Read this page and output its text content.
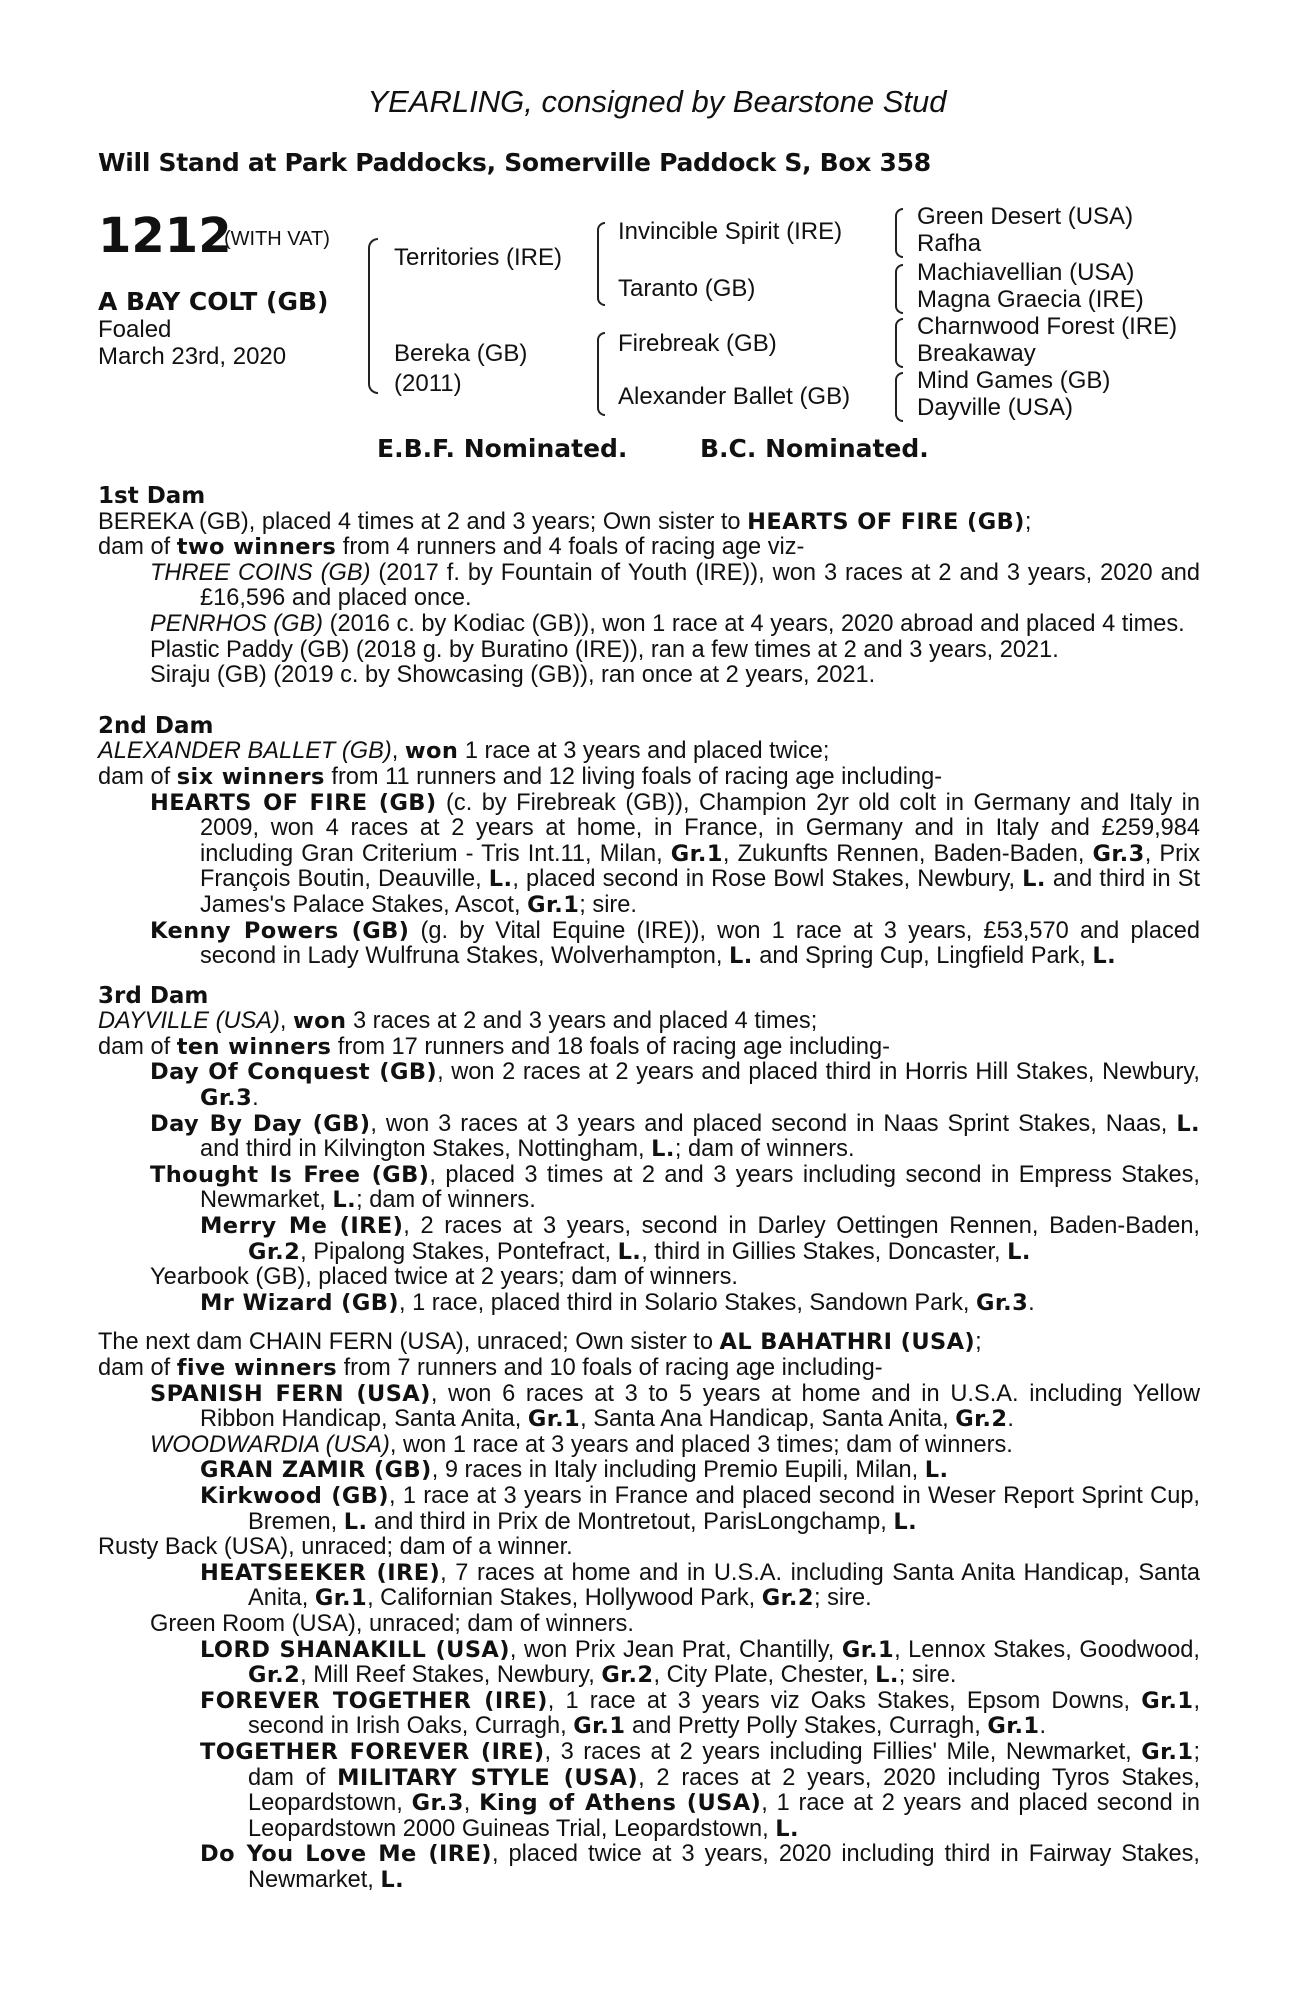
YEARLING, consigned by Bearstone Stud
Will Stand at Park Paddocks, Somerville Paddock S, Box 358
1212
(WITH VAT)
A BAY COLT (GB)
Foaled
March 23rd, 2020
Territories (IRE)
Bereka (GB)
(2011)
Invincible Spirit (IRE)
Taranto (GB)
Firebreak (GB)
Alexander Ballet (GB)
Green Desert (USA)
Rafha
Machiavellian (USA)
Magna Graecia (IRE)
Charnwood Forest (IRE)
Breakaway
Mind Games (GB)
Dayville (USA)
E.B.F. Nominated.	B.C. Nominated.

1st Dam

BEREKA (GB), placed 4 times at 2 and 3 years; Own sister to HEARTS OF FIRE (GB);

dam of two winners from 4 runners and 4 foals of racing age viz-

THREE COINS (GB) (2017 f. by Fountain of Youth (IRE)), won 3 races at 2 and 3 years, 2020 and £16,596 and placed once.

PENRHOS (GB) (2016 c. by Kodiac (GB)), won 1 race at 4 years, 2020 abroad and placed 4 times.

Plastic Paddy (GB) (2018 g. by Buratino (IRE)), ran a few times at 2 and 3 years, 2021.

Siraju (GB) (2019 c. by Showcasing (GB)), ran once at 2 years, 2021.

2nd Dam

ALEXANDER BALLET (GB), won 1 race at 3 years and placed twice;

dam of six winners from 11 runners and 12 living foals of racing age including-

HEARTS OF FIRE (GB) (c. by Firebreak (GB)), Champion 2yr old colt in Germany and Italy in 2009, won 4 races at 2 years at home, in France, in Germany and in Italy and £259,984 including Gran Criterium - Tris Int.11, Milan, Gr.1, Zukunfts Rennen, Baden-Baden, Gr.3, Prix François Boutin, Deauville, L., placed second in Rose Bowl Stakes, Newbury, L. and third in St James's Palace Stakes, Ascot, Gr.1; sire.

Kenny Powers (GB) (g. by Vital Equine (IRE)), won 1 race at 3 years, £53,570 and placed second in Lady Wulfruna Stakes, Wolverhampton, L. and Spring Cup, Lingfield Park, L.

3rd Dam

DAYVILLE (USA), won 3 races at 2 and 3 years and placed 4 times;

dam of ten winners from 17 runners and 18 foals of racing age including-

Day Of Conquest (GB), won 2 races at 2 years and placed third in Horris Hill Stakes, Newbury, Gr.3.

Day By Day (GB), won 3 races at 3 years and placed second in Naas Sprint Stakes, Naas, L. and third in Kilvington Stakes, Nottingham, L.; dam of winners.

Thought Is Free (GB), placed 3 times at 2 and 3 years including second in Empress Stakes, Newmarket, L.; dam of winners.

Merry Me (IRE), 2 races at 3 years, second in Darley Oettingen Rennen, Baden-Baden, Gr.2, Pipalong Stakes, Pontefract, L., third in Gillies Stakes, Doncaster, L.

Yearbook (GB), placed twice at 2 years; dam of winners.

Mr Wizard (GB), 1 race, placed third in Solario Stakes, Sandown Park, Gr.3.

The next dam CHAIN FERN (USA), unraced; Own sister to AL BAHATHRI (USA);

dam of five winners from 7 runners and 10 foals of racing age including-

SPANISH FERN (USA), won 6 races at 3 to 5 years at home and in U.S.A. including Yellow Ribbon Handicap, Santa Anita, Gr.1, Santa Ana Handicap, Santa Anita, Gr.2.

WOODWARDIA (USA), won 1 race at 3 years and placed 3 times; dam of winners.

GRAN ZAMIR (GB), 9 races in Italy including Premio Eupili, Milan, L.

Kirkwood (GB), 1 race at 3 years in France and placed second in Weser Report Sprint Cup, Bremen, L. and third in Prix de Montretout, ParisLongchamp, L.

Rusty Back (USA), unraced; dam of a winner.

HEATSEEKER (IRE), 7 races at home and in U.S.A. including Santa Anita Handicap, Santa Anita, Gr.1, Californian Stakes, Hollywood Park, Gr.2; sire.

Green Room (USA), unraced; dam of winners.

LORD SHANAKILL (USA), won Prix Jean Prat, Chantilly, Gr.1, Lennox Stakes, Goodwood, Gr.2, Mill Reef Stakes, Newbury, Gr.2, City Plate, Chester, L.; sire.

FOREVER TOGETHER (IRE), 1 race at 3 years viz Oaks Stakes, Epsom Downs, Gr.1, second in Irish Oaks, Curragh, Gr.1 and Pretty Polly Stakes, Curragh, Gr.1.

TOGETHER FOREVER (IRE), 3 races at 2 years including Fillies' Mile, Newmarket, Gr.1; dam of MILITARY STYLE (USA), 2 races at 2 years, 2020 including Tyros Stakes, Leopardstown, Gr.3, King of Athens (USA), 1 race at 2 years and placed second in Leopardstown 2000 Guineas Trial, Leopardstown, L.

Do You Love Me (IRE), placed twice at 3 years, 2020 including third in Fairway Stakes, Newmarket, L.
